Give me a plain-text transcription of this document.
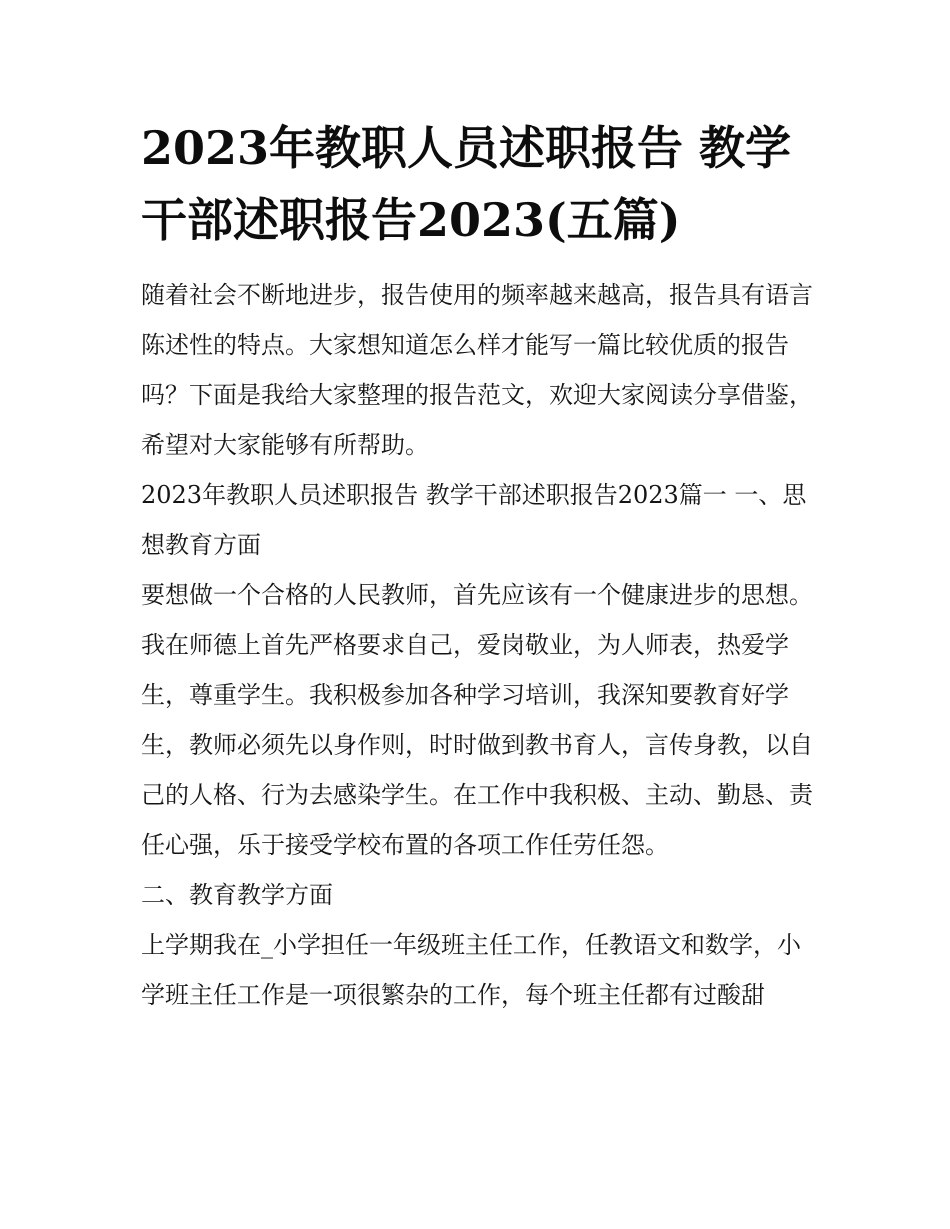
2023年教职人员述职报告 教学干部述职报告2023(五篇)

随着社会不断地进步，报告使用的频率越来越高，报告具有语言陈述性的特点。大家想知道怎么样才能写一篇比较优质的报告吗？下面是我给大家整理的报告范文，欢迎大家阅读分享借鉴，希望对大家能够有所帮助。

2023年教职人员述职报告 教学干部述职报告2023篇一 一、思想教育方面

要想做一个合格的人民教师，首先应该有一个健康进步的思想。我在师德上首先严格要求自己，爱岗敬业，为人师表，热爱学生，尊重学生。我积极参加各种学习培训，我深知要教育好学生，教师必须先以身作则，时时做到教书育人，言传身教，以自己的人格、行为去感染学生。在工作中我积极、主动、勤恳、责任心强，乐于接受学校布置的各项工作任劳任怨。

二、教育教学方面

上学期我在_小学担任一年级班主任工作，任教语文和数学，小学班主任工作是一项很繁杂的工作，每个班主任都有过酸甜
